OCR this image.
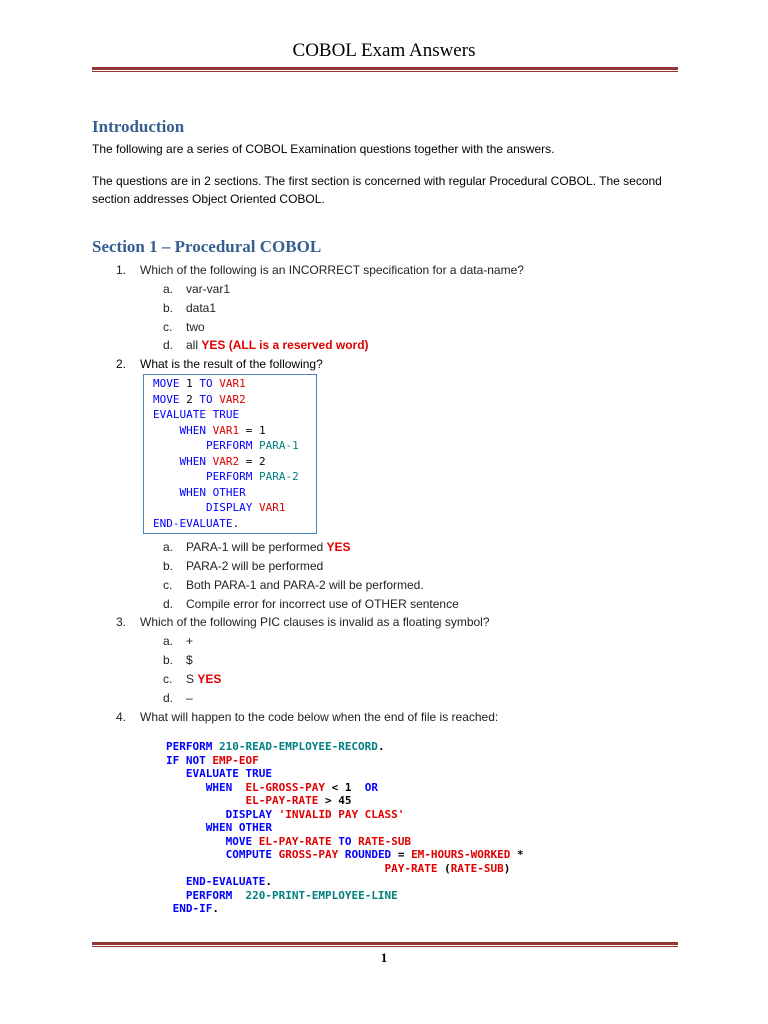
COBOL Exam Answers
Introduction
The following are a series of COBOL Examination questions together with the answers.
The questions are in 2 sections. The first section is concerned with regular Procedural COBOL. The second section addresses Object Oriented COBOL.
Section 1 – Procedural COBOL
1. Which of the following is an INCORRECT specification for a data-name?
a. var-var1
b. data1
c. two
d. all YES (ALL is a reserved word)
2. What is the result of the following?
MOVE 1 TO VAR1
MOVE 2 TO VAR2
EVALUATE TRUE
WHEN VAR1 = 1
PERFORM PARA-1
WHEN VAR2 = 2
PERFORM PARA-2
WHEN OTHER
DISPLAY VAR1
END-EVALUATE.
a. PARA-1 will be performed YES
b. PARA-2 will be performed
c. Both PARA-1 and PARA-2 will be performed.
d. Compile error for incorrect use of OTHER sentence
3. Which of the following PIC clauses is invalid as a floating symbol?
a. +
b. $
c. S YES
d. –
4. What will happen to the code below when the end of file is reached:
PERFORM 210-READ-EMPLOYEE-RECORD.
IF NOT EMP-EOF
EVALUATE TRUE
WHEN  EL-GROSS-PAY < 1  OR
EL-PAY-RATE > 45
DISPLAY 'INVALID PAY CLASS'
WHEN OTHER
MOVE EL-PAY-RATE TO RATE-SUB
COMPUTE GROSS-PAY ROUNDED = EM-HOURS-WORKED *
PAY-RATE (RATE-SUB)
END-EVALUATE.
PERFORM  220-PRINT-EMPLOYEE-LINE
END-IF.
1
